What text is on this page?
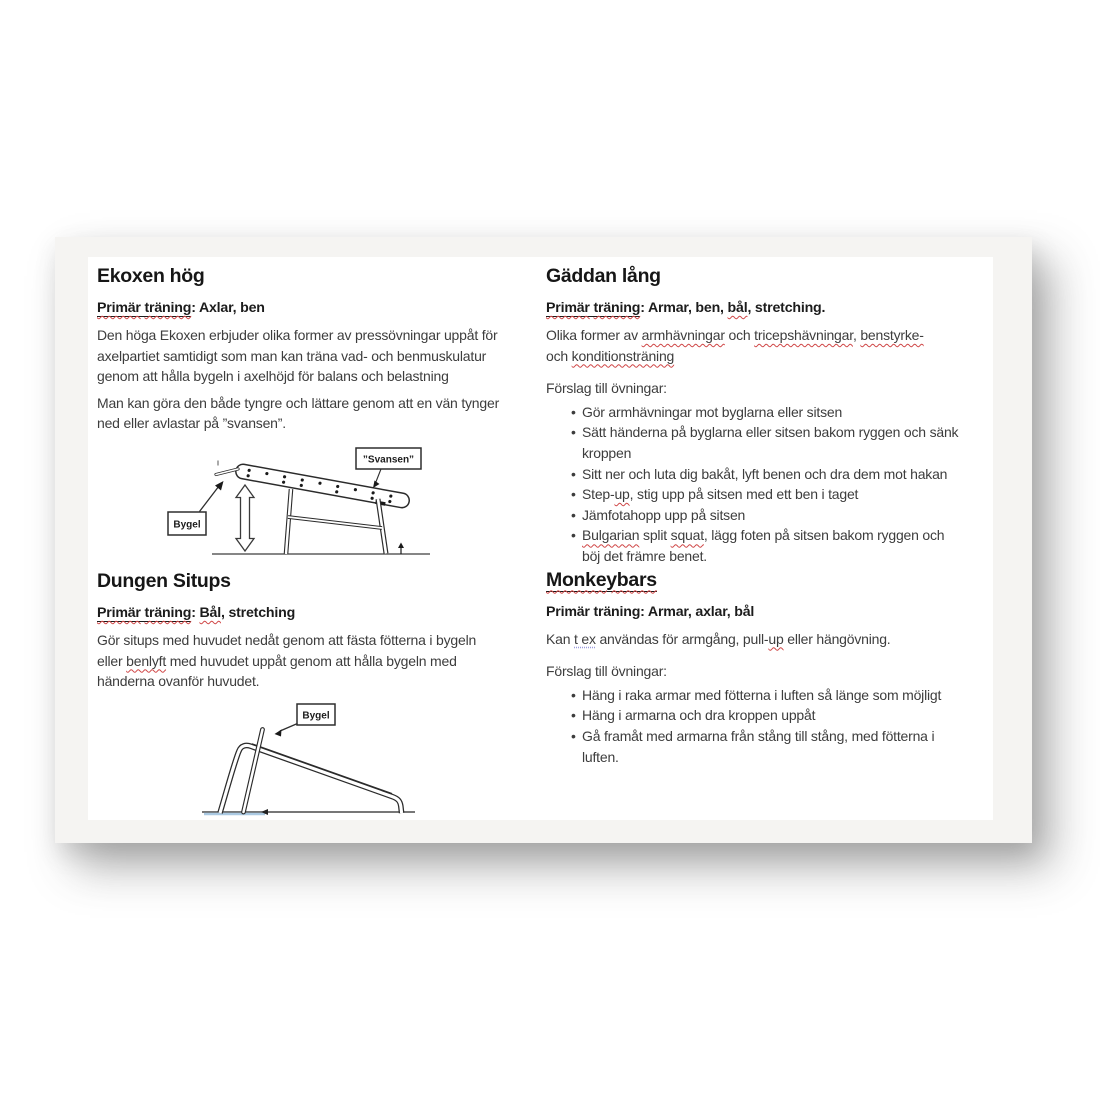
Ekoxen hög
Primär träning: Axlar, ben

Den höga Ekoxen erbjuder olika former av pressövningar uppåt för axelpartiet samtidigt som man kan träna vad- och benmuskulatur genom att hålla bygeln i axelhöjd för balans och belastning

Man kan göra den både tyngre och lättare genom att en vän tynger ned eller avlastar på ”svansen”.

Bygel
”Svansen”
Dungen Situps
Primär träning: Bål, stretching

Gör situps med huvudet nedåt genom att fästa fötterna i bygeln eller benlyft med huvudet uppåt genom att hålla bygeln med händerna ovanför huvudet.

Bygel
Gäddan lång
Primär träning: Armar, ben, bål, stretching.

Olika former av armhävningar och tricepshävningar, benstyrke- och konditionsträning

Förslag till övningar:

• Gör armhävningar mot byglarna eller sitsen
• Sätt händerna på byglarna eller sitsen bakom ryggen och sänk kroppen
• Sitt ner och luta dig bakåt, lyft benen och dra dem mot hakan
• Step-up, stig upp på sitsen med ett ben i taget
• Jämfotahopp upp på sitsen
• Bulgarian split squat, lägg foten på sitsen bakom ryggen och böj det främre benet.
Monkeybars
Primär träning: Armar, axlar, bål

Kan t ex användas för armgång, pull-up eller hängövning.

Förslag till övningar:

• Häng i raka armar med fötterna i luften så länge som möjligt
• Häng i armarna och dra kroppen uppåt
• Gå framåt med armarna från stång till stång, med fötterna i luften.
